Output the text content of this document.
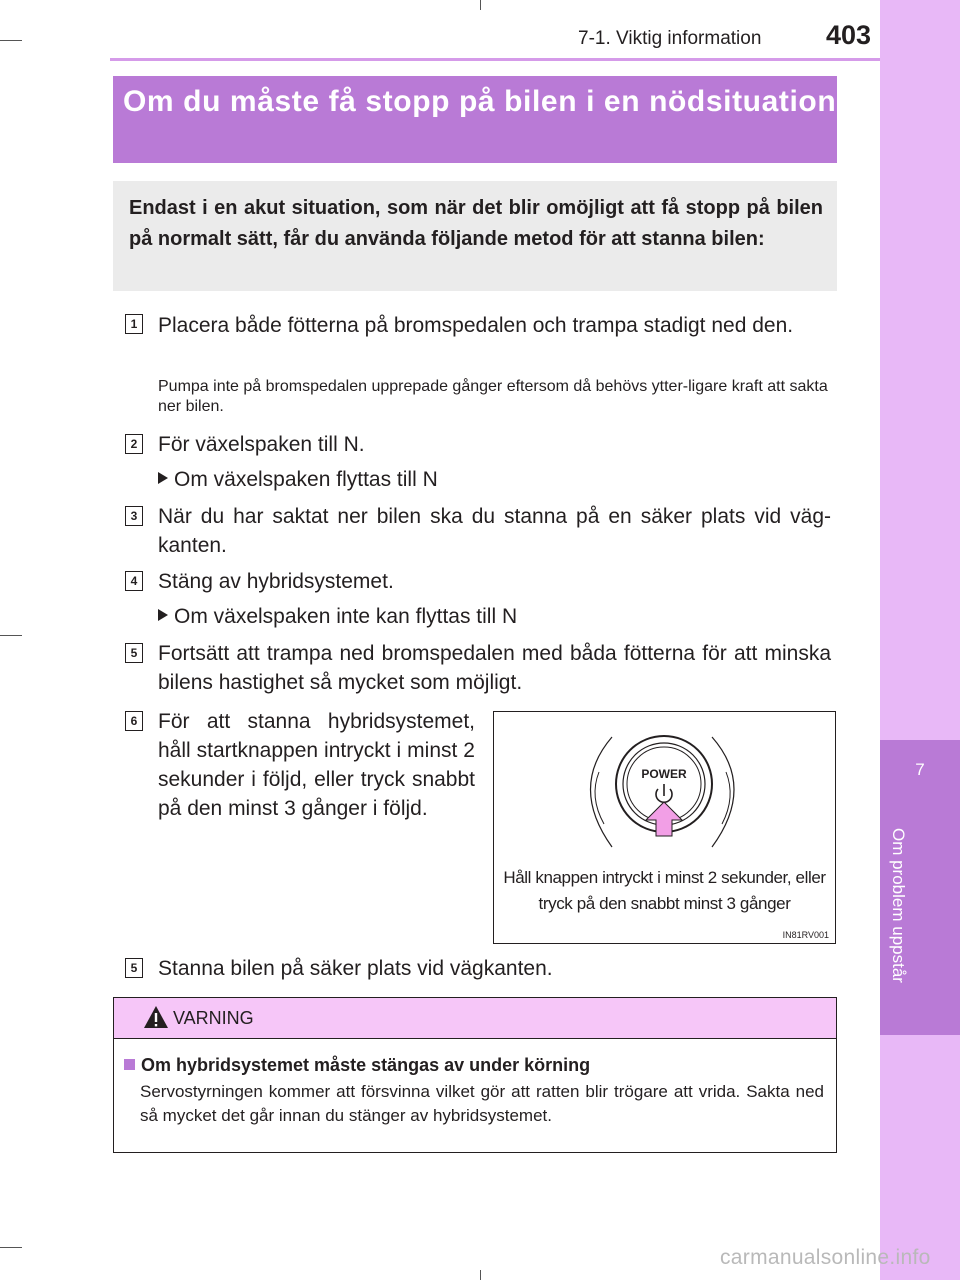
7-1. Viktig information 403
7
Om problem uppstår
Om du måste få stopp på bilen i en nödsituation

Endast i en akut situation, som när det blir omöjligt att få stopp på bilen på normalt sätt, får du använda följande metod för att stanna bilen:

1 Placera både fötterna på bromspedalen och trampa stadigt ned den.
Pumpa inte på bromspedalen upprepade gånger eftersom då behövs ytter-ligare kraft att sakta ner bilen.
2 För växelspaken till N.
Om växelspaken flyttas till N
3 När du har saktat ner bilen ska du stanna på en säker plats vid väg-kanten.
4 Stäng av hybridsystemet.
Om växelspaken inte kan flyttas till N
5 Fortsätt att trampa ned bromspedalen med båda fötterna för att minska bilens hastighet så mycket som möjligt.
6 För att stanna hybridsystemet, håll startknappen intryckt i minst 2 sekunder i följd, eller tryck snabbt på den minst 3 gånger i följd.
POWER
Håll knappen intryckt i minst 2 sekunder, eller tryck på den snabbt minst 3 gånger
IN81RV001
5 Stanna bilen på säker plats vid vägkanten.
VARNING
Om hybridsystemet måste stängas av under körning
Servostyrningen kommer att försvinna vilket gör att ratten blir trögare att vrida. Sakta ned så mycket det går innan du stänger av hybridsystemet.
carmanualsonline.info
